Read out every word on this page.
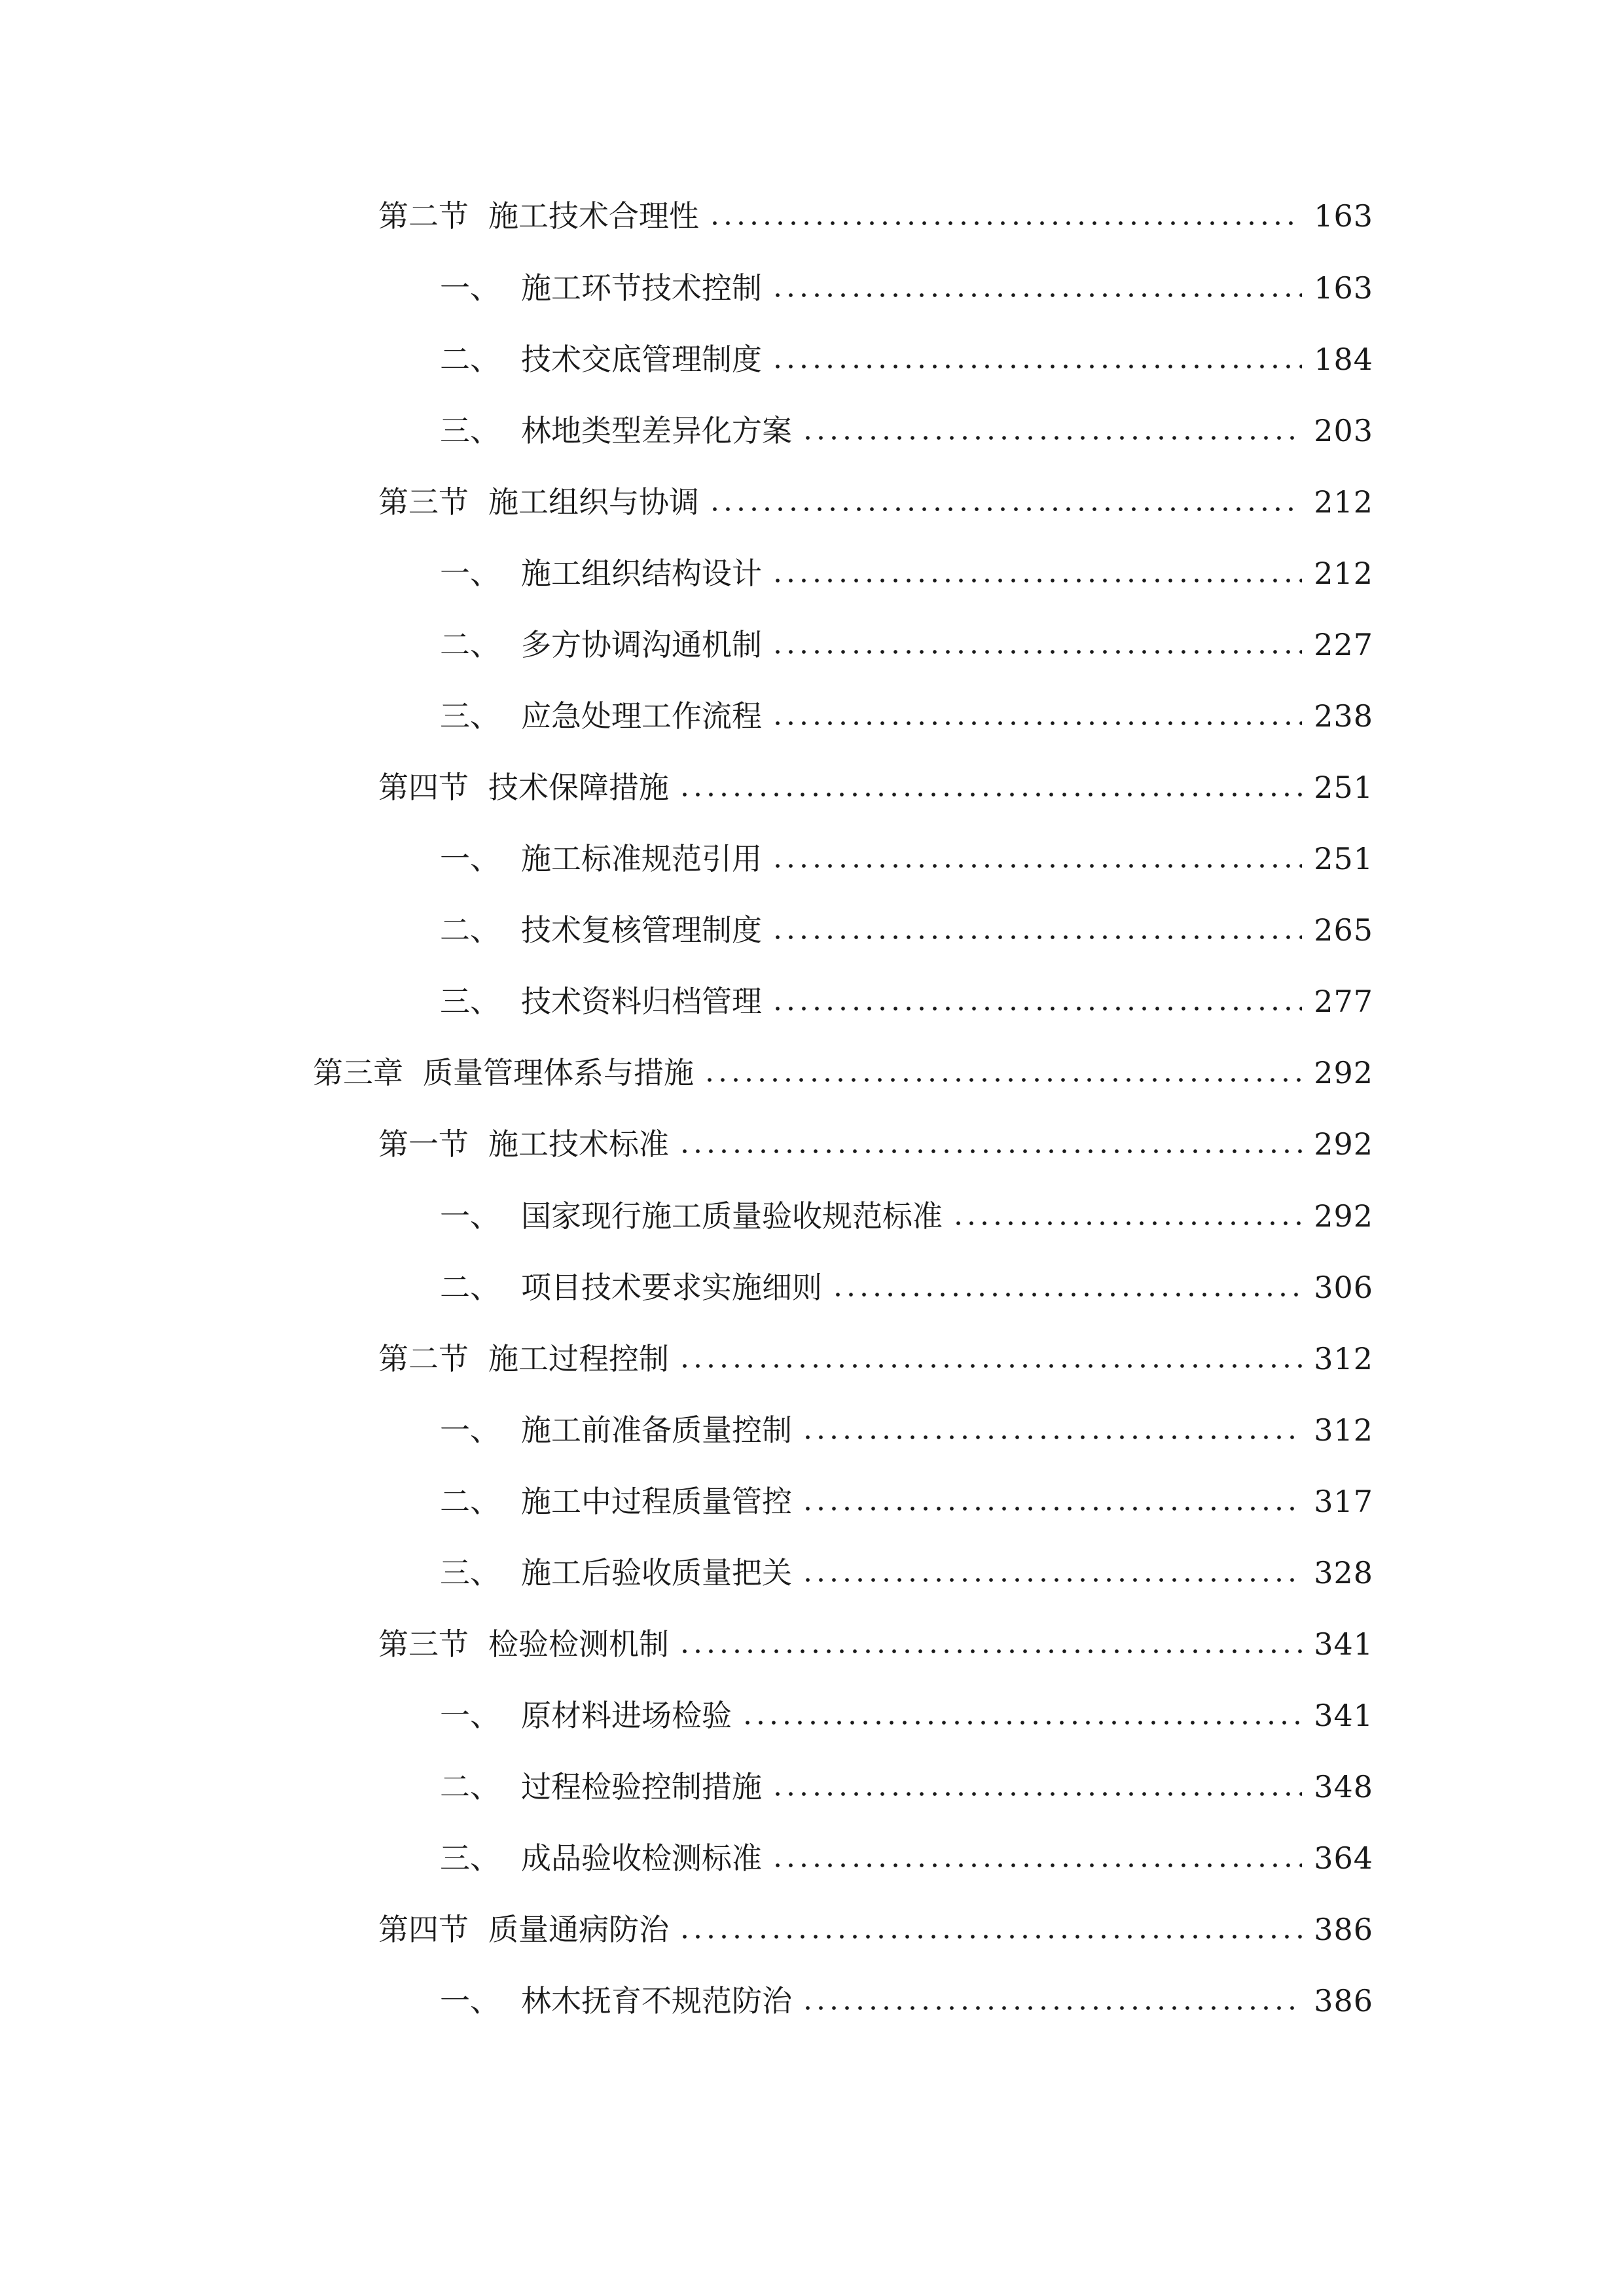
第二节 施工技术合理性	163
一、 施工环节技术控制	163
二、 技术交底管理制度	184
三、 林地类型差异化方案	203
第三节 施工组织与协调	212
一、 施工组织结构设计	212
二、 多方协调沟通机制	227
三、 应急处理工作流程	238
第四节 技术保障措施	251
一、 施工标准规范引用	251
二、 技术复核管理制度	265
三、 技术资料归档管理	277
第三章 质量管理体系与措施	292
第一节 施工技术标准	292
一、 国家现行施工质量验收规范标准	292
二、 项目技术要求实施细则	306
第二节 施工过程控制	312
一、 施工前准备质量控制	312
二、 施工中过程质量管控	317
三、 施工后验收质量把关	328
第三节 检验检测机制	341
一、 原材料进场检验	341
二、 过程检验控制措施	348
三、 成品验收检测标准	364
第四节 质量通病防治	386
一、 林木抚育不规范防治	386
